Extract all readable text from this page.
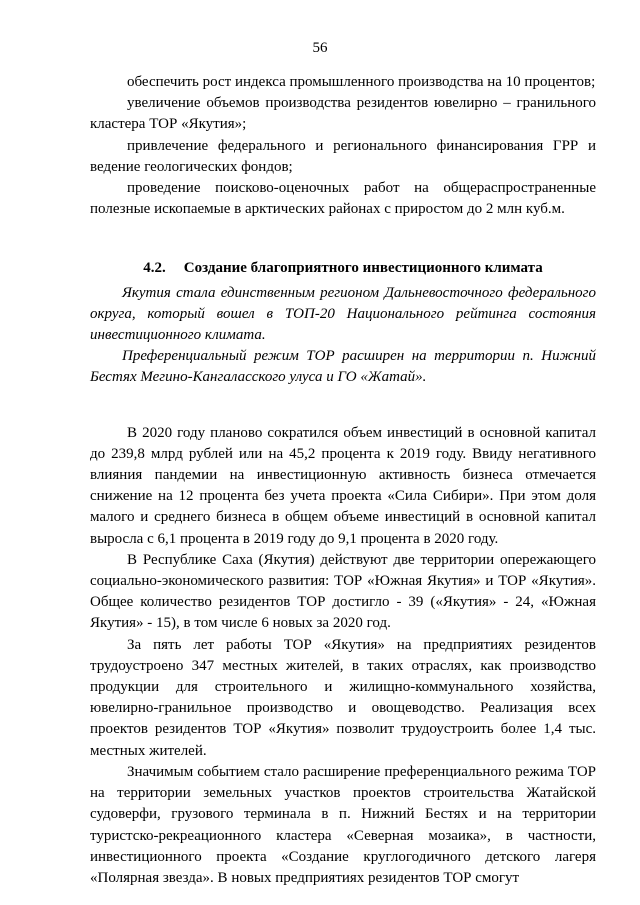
56

обеспечить рост индекса промышленного производства на 10 процентов;

увеличение объемов производства резидентов ювелирно – гранильного кластера ТОР «Якутия»;

привлечение федерального и регионального финансирования ГРР и ведение геологических фондов;

проведение поисково-оценочных работ на общераспространенные полезные ископаемые в арктических районах с приростом до 2 млн куб.м.

4.2. Создание благоприятного инвестиционного климата

Якутия стала единственным регионом Дальневосточного федерального округа, который вошел в ТОП-20 Национального рейтинга состояния инвестиционного климата.

Преференциальный режим ТОР расширен на территории п. Нижний Бестях Мегино-Кангаласского улуса и ГО «Жатай».

В 2020 году планово сократился объем инвестиций в основной капитал до 239,8 млрд рублей или на 45,2 процента к 2019 году. Ввиду негативного влияния пандемии на инвестиционную активность бизнеса отмечается снижение на 12 процента без учета проекта «Сила Сибири». При этом доля малого и среднего бизнеса в общем объеме инвестиций в основной капитал выросла с 6,1 процента в 2019 году до 9,1 процента в 2020 году.

В Республике Саха (Якутия) действуют две территории опережающего социально-экономического развития: ТОР «Южная Якутия» и ТОР «Якутия». Общее количество резидентов ТОР достигло - 39 («Якутия» - 24, «Южная Якутия» - 15), в том числе 6 новых за 2020 год.

За пять лет работы ТОР «Якутия» на предприятиях резидентов трудоустроено 347 местных жителей, в таких отраслях, как производство продукции для строительного и жилищно-коммунального хозяйства, ювелирно-гранильное производство и овощеводство. Реализация всех проектов резидентов ТОР «Якутия» позволит трудоустроить более 1,4 тыс. местных жителей.

Значимым событием стало расширение преференциального режима ТОР на территории земельных участков проектов строительства Жатайской судоверфи, грузового терминала в п. Нижний Бестях и на территории туристско-рекреационного кластера «Северная мозаика», в частности, инвестиционного проекта «Создание круглогодичного детского лагеря «Полярная звезда». В новых предприятиях резидентов ТОР смогут
